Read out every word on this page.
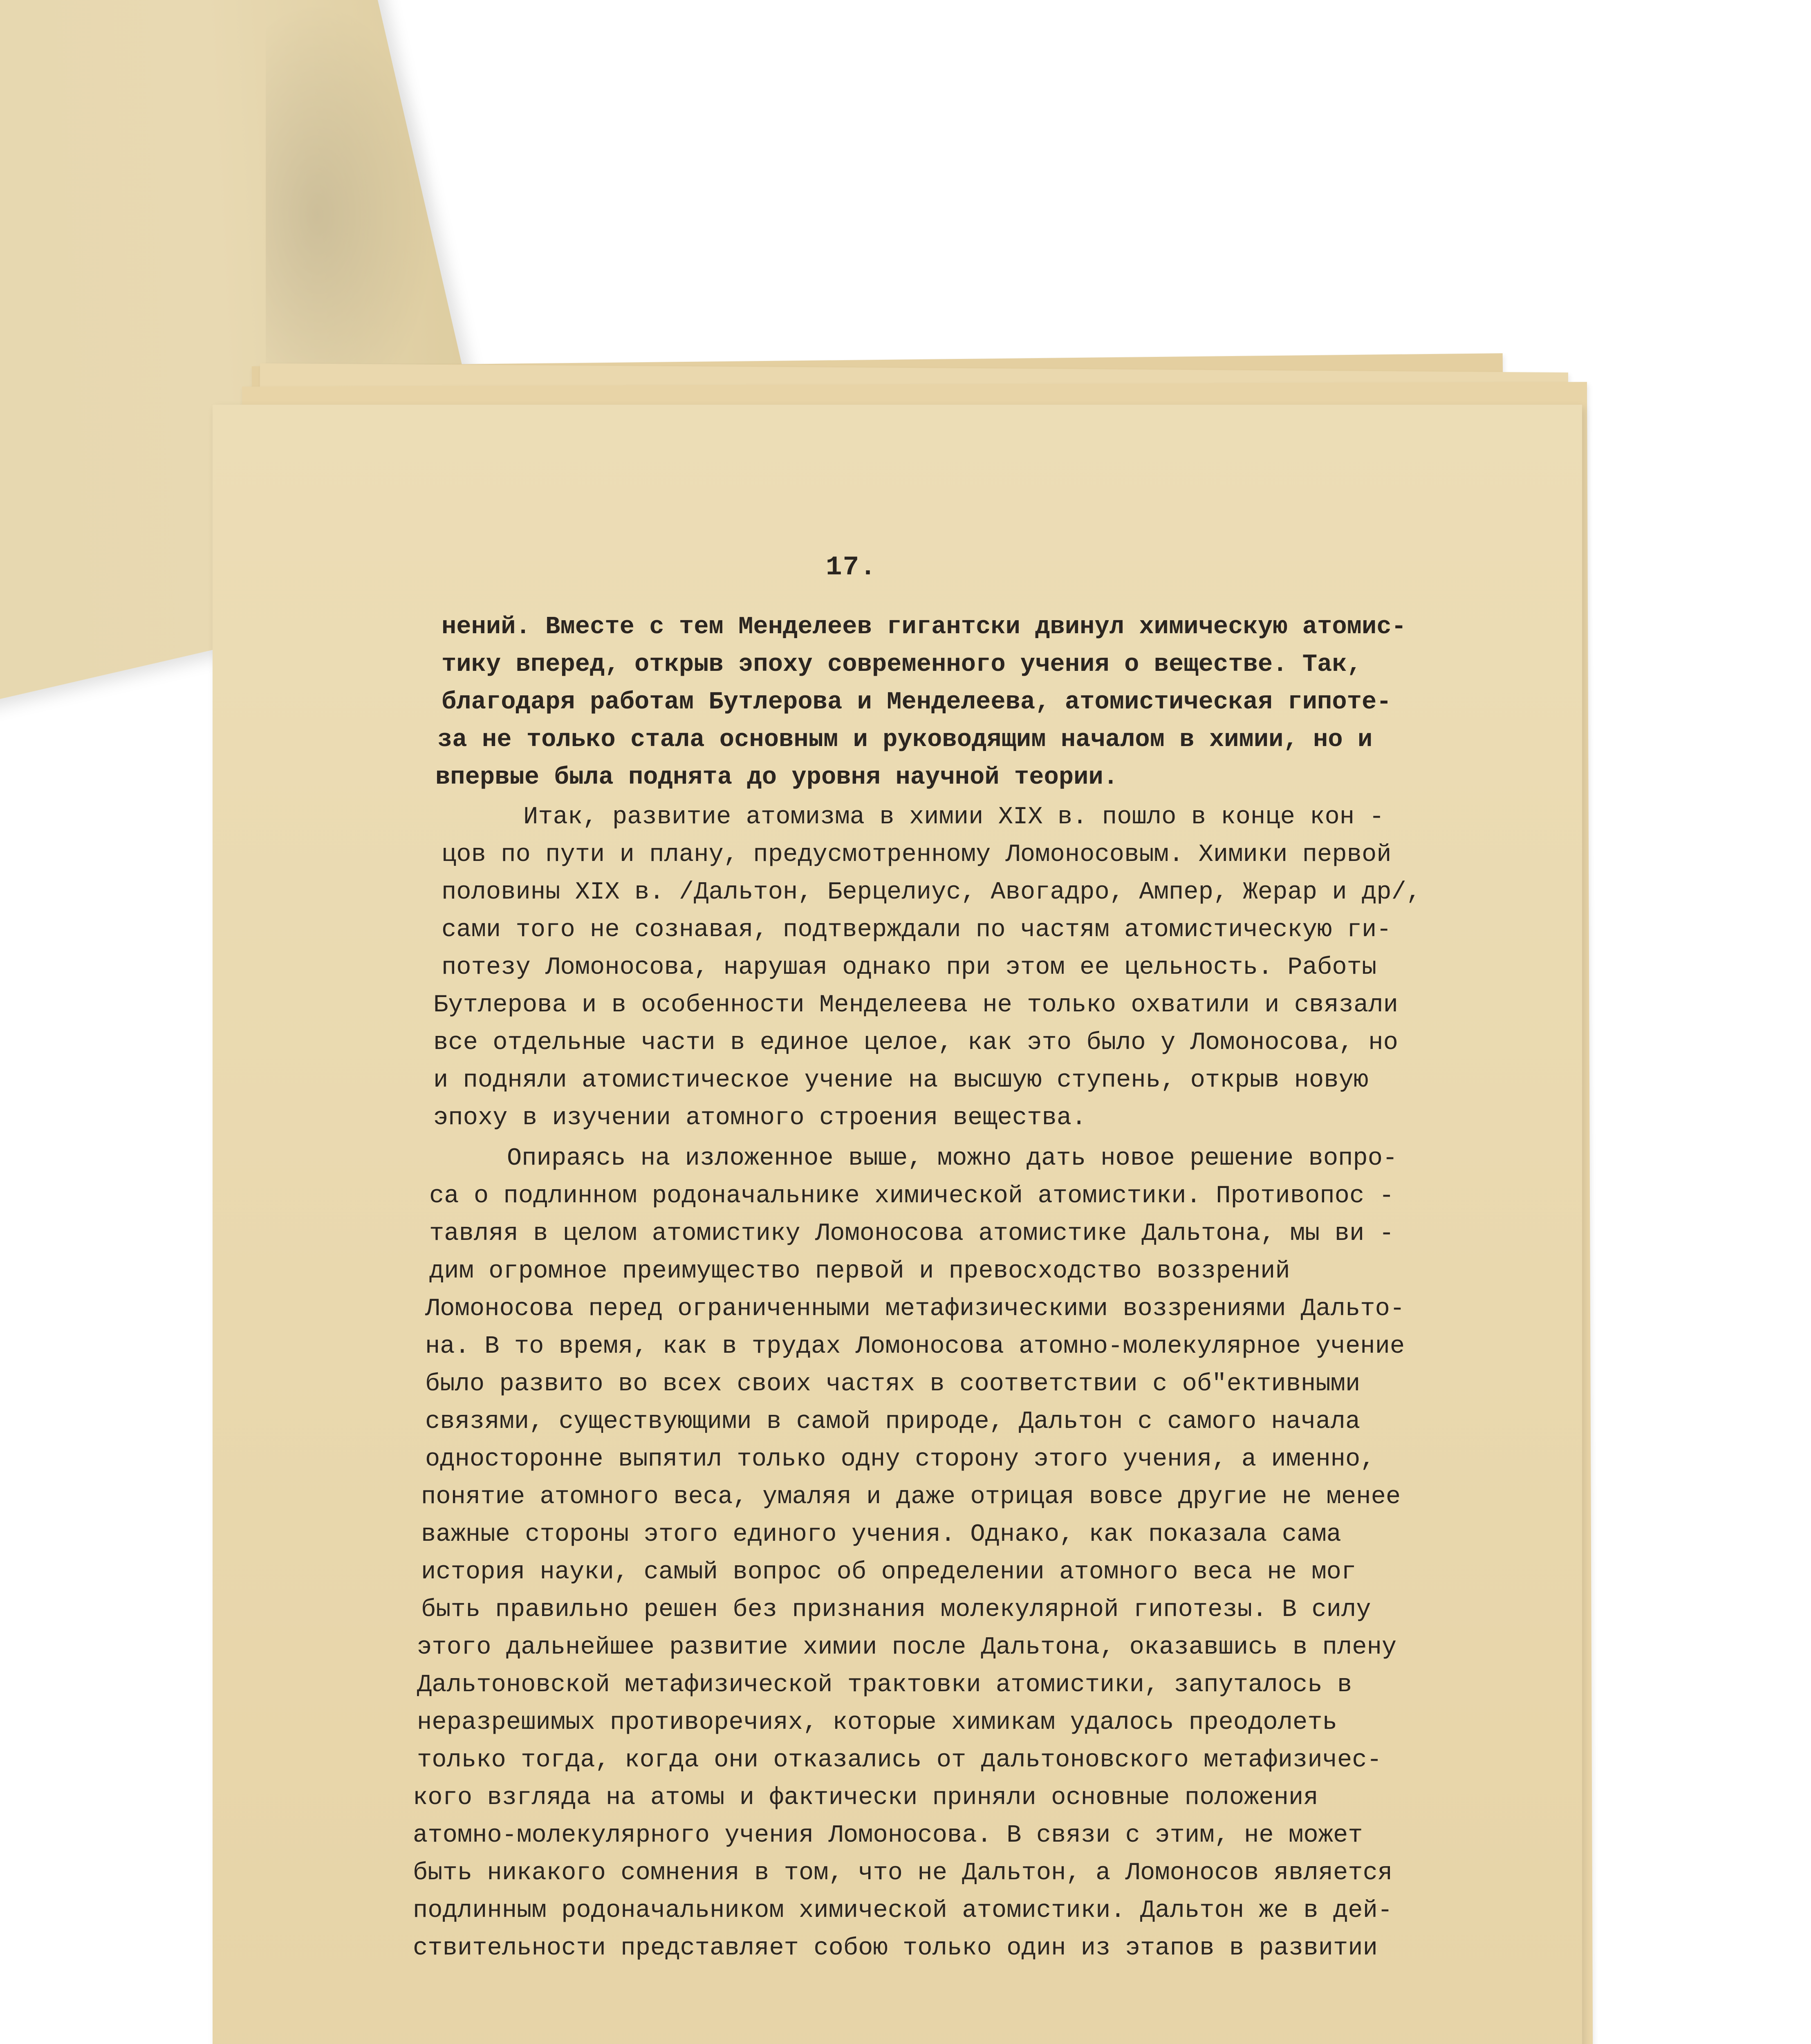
17.
нений. Вместе с тем Менделеев гигантски двинул химическую атомис-
тику вперед, открыв эпоху современного учения о веществе. Так,
благодаря работам Бутлерова и Менделеева, атомистическая гипоте-
за не только стала основным и руководящим началом в химии, но и
впервые была поднята до уровня научной теории.
Итак, развитие атомизма в химии XIX в. пошло в конце кон -
цов по пути и плану, предусмотренному Ломоносовым. Химики первой
половины XIX в. /Дальтон, Берцелиус, Авогадро, Ампер, Жерар и др/,
сами того не сознавая, подтверждали по частям атомистическую ги-
потезу Ломоносова, нарушая однако при этом ее цельность. Работы
Бутлерова и в особенности Менделеева не только охватили и связали
все отдельные части в единое целое, как это было у Ломоносова, но
и подняли атомистическое учение на высшую ступень, открыв новую
эпоху в изучении атомного строения вещества.
Опираясь на изложенное выше, можно дать новое решение вопро-
са о подлинном родоначальнике химической атомистики. Противопос -
тавляя в целом атомистику Ломоносова атомистике Дальтона, мы ви -
дим огромное преимущество первой и превосходство воззрений
Ломоносова перед ограниченными метафизическими воззрениями Дальто-
на. В то время, как в трудах Ломоносова атомно-молекулярное учение
было развито во всех своих частях в соответствии с об"ективными
связями, существующими в самой природе, Дальтон с самого начала
односторонне выпятил только одну сторону этого учения, а именно,
понятие атомного веса, умаляя и даже отрицая вовсе другие не менее
важные стороны этого единого учения. Однако, как показала сама
история науки, самый вопрос об определении атомного веса не мог
быть правильно решен без признания молекулярной гипотезы. В силу
этого дальнейшее развитие химии после Дальтона, оказавшись в плену
Дальтоновской метафизической трактовки атомистики, запуталось в
неразрешимых противоречиях, которые химикам удалось преодолеть
только тогда, когда они отказались от дальтоновского метафизичес-
кого взгляда на атомы и фактически приняли основные положения
атомно-молекулярного учения Ломоносова. В связи с этим, не может
быть никакого сомнения в том, что не Дальтон, а Ломоносов является
подлинным родоначальником химической атомистики. Дальтон же в дей-
ствительности представляет собою только один из этапов в развитии
